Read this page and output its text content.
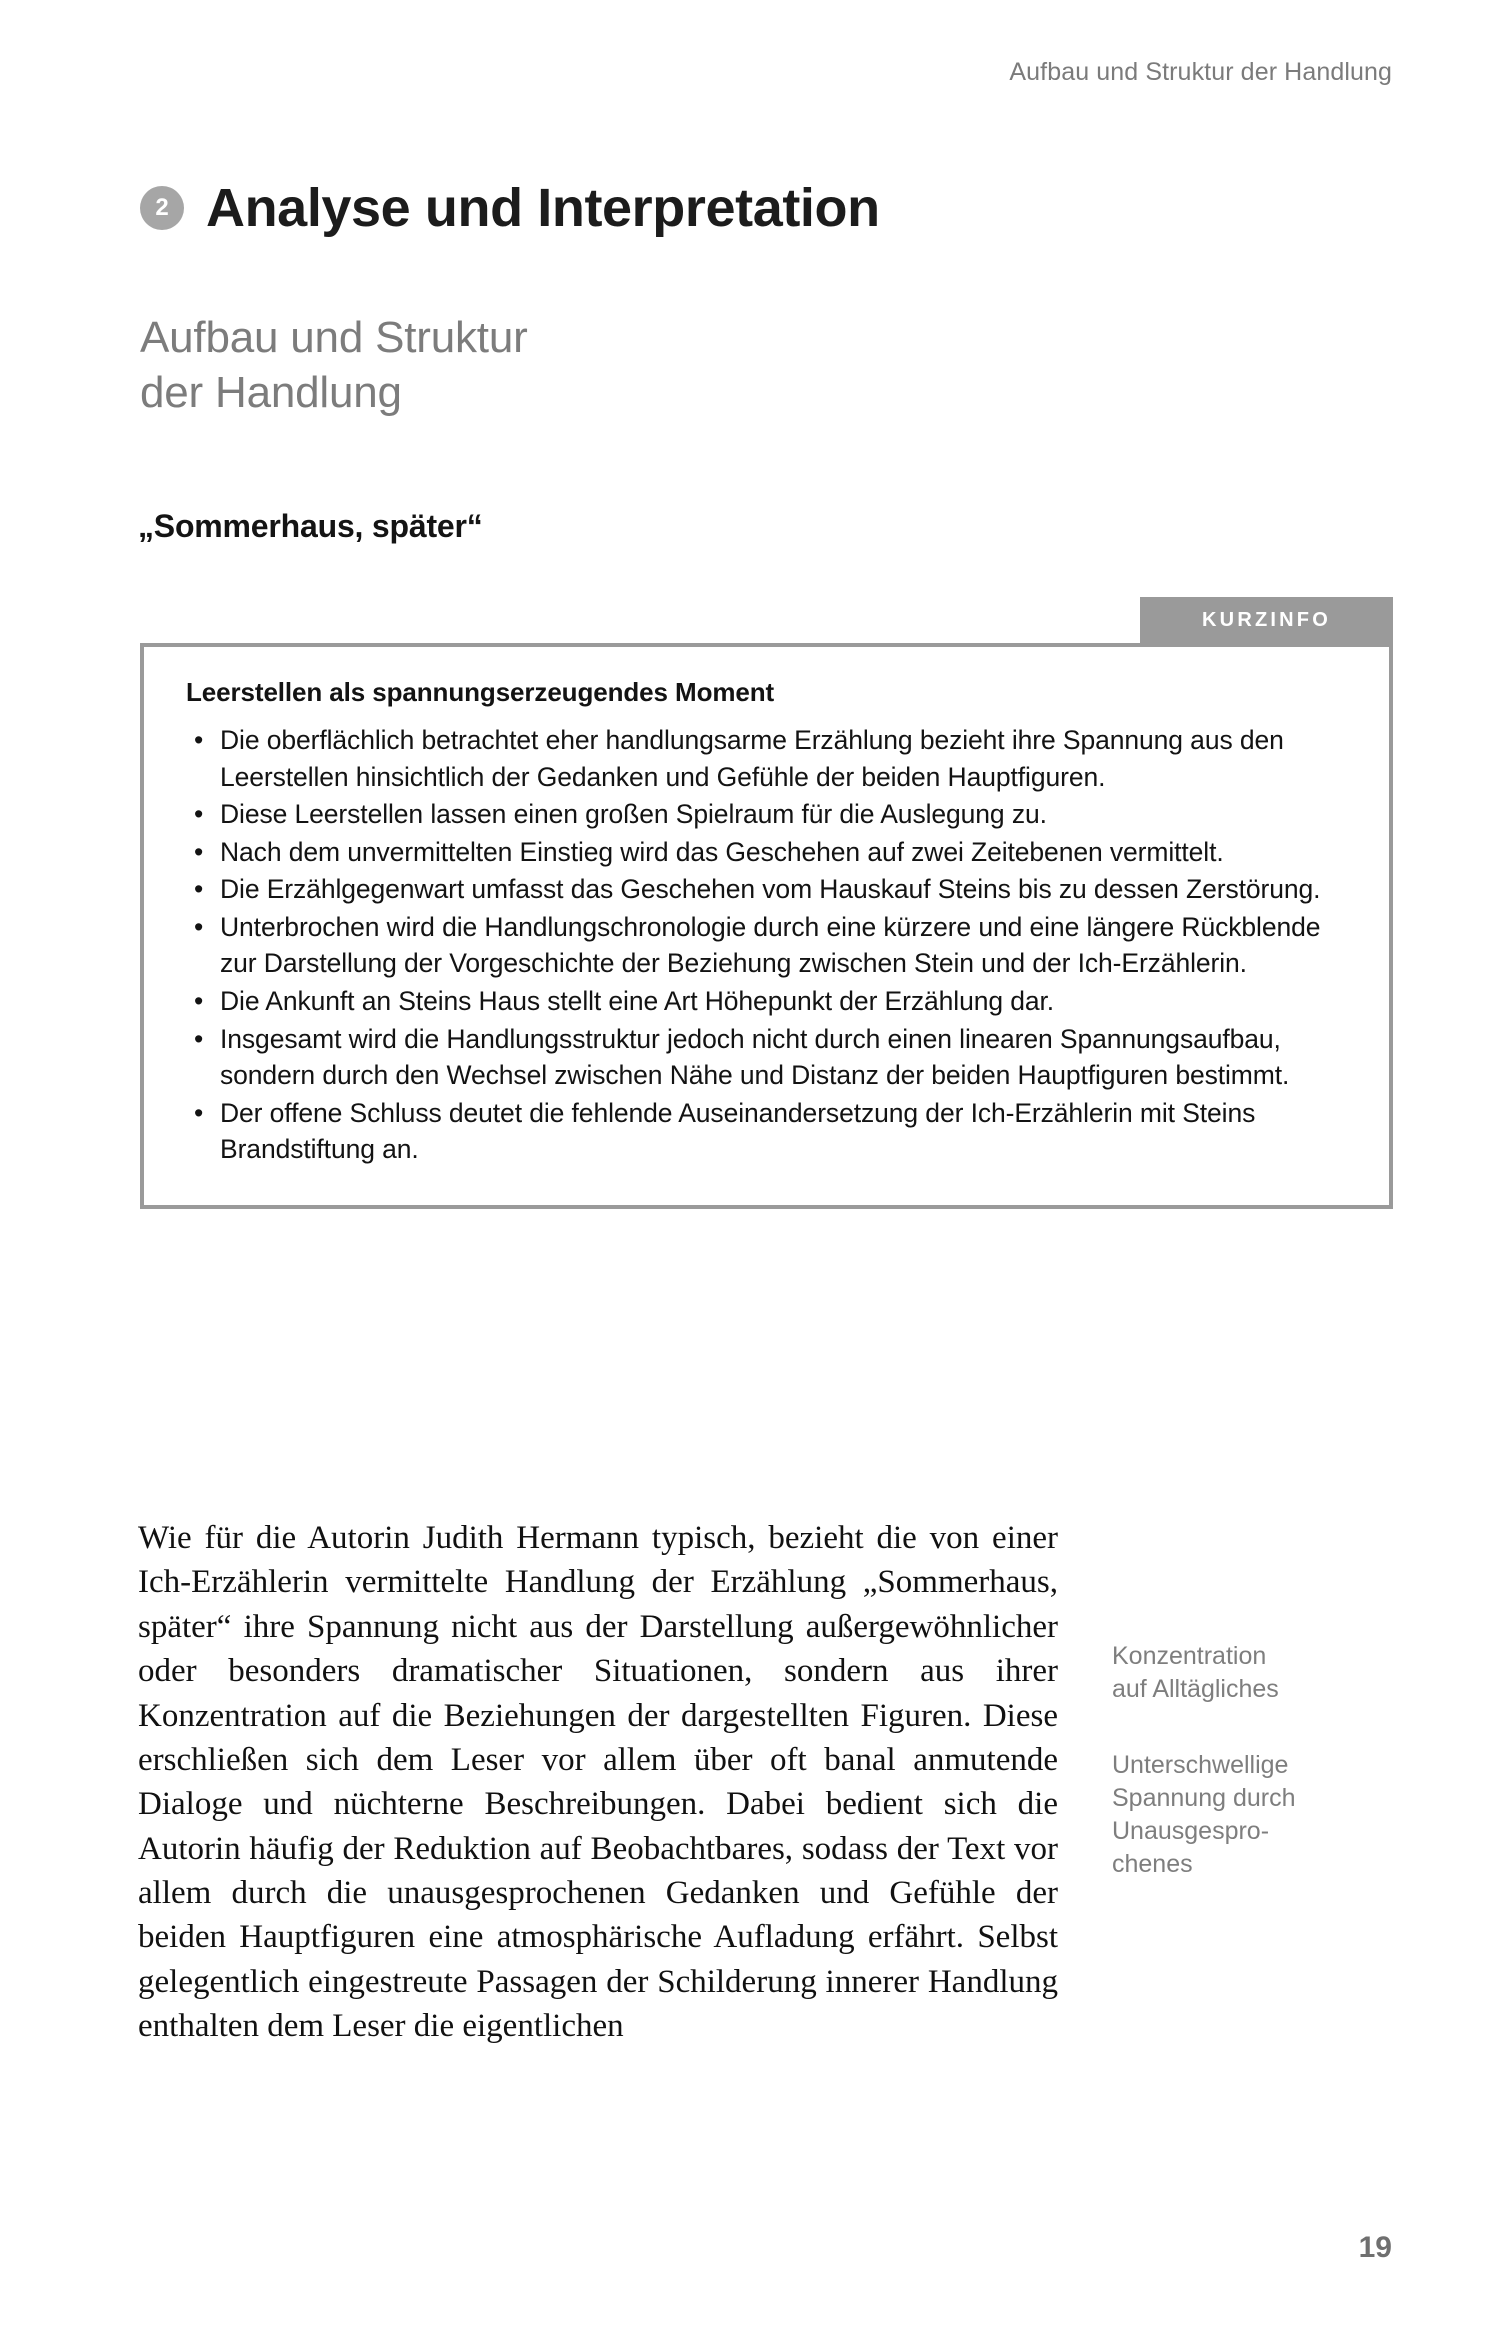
Aufbau und Struktur der Handlung
2 Analyse und Interpretation
Aufbau und Struktur
der Handlung
„Sommerhaus, später“
KURZINFO
Leerstellen als spannungserzeugendes Moment
• Die oberflächlich betrachtet eher handlungsarme Erzählung bezieht ihre Spannung aus den Leerstellen hinsichtlich der Gedanken und Gefühle der beiden Hauptfiguren.
• Diese Leerstellen lassen einen großen Spielraum für die Auslegung zu.
• Nach dem unvermittelten Einstieg wird das Geschehen auf zwei Zeitebenen vermittelt.
• Die Erzählgegenwart umfasst das Geschehen vom Hauskauf Steins bis zu dessen Zerstörung.
• Unterbrochen wird die Handlungschronologie durch eine kürzere und eine längere Rückblende zur Darstellung der Vorgeschichte der Beziehung zwischen Stein und der Ich-Erzählerin.
• Die Ankunft an Steins Haus stellt eine Art Höhepunkt der Erzählung dar.
• Insgesamt wird die Handlungsstruktur jedoch nicht durch einen linearen Spannungsaufbau, sondern durch den Wechsel zwischen Nähe und Distanz der beiden Hauptfiguren bestimmt.
• Der offene Schluss deutet die fehlende Auseinandersetzung der Ich-Erzählerin mit Steins Brandstiftung an.

Wie für die Autorin Judith Hermann typisch, bezieht die von einer Ich-Erzählerin vermittelte Handlung der Erzählung „Sommerhaus, später“ ihre Spannung nicht aus der Darstellung außergewöhnlicher oder besonders dramatischer Situationen, sondern aus ihrer Konzentration auf die Beziehungen der dargestellten Figuren. Diese erschließen sich dem Leser vor allem über oft banal anmutende Dialoge und nüchterne Beschreibungen. Dabei bedient sich die Autorin häufig der Reduktion auf Beobachtbares, sodass der Text vor allem durch die unausgesprochenen Gedanken und Gefühle der beiden Hauptfiguren eine atmosphärische Aufladung erfährt. Selbst gelegentlich eingestreute Passagen der Schilderung innerer Handlung enthalten dem Leser die eigentlichen

Konzentration
auf Alltägliches
Unterschwellige
Spannung durch
Unausgespro-
chenes
19
